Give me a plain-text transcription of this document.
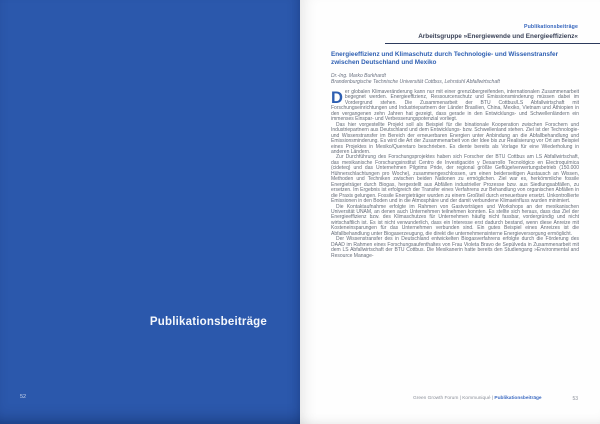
Publikationsbeiträge
52
Publikationsbeiträge
Arbeitsgruppe »Energiewende und Energieeffizienz«
Energieeffizienz und Klimaschutz durch Technologie- und Wissenstransfer zwischen Deutschland und Mexiko
Dr.-Ing. Marko Burkhardt
Brandenburgische Technische Universität Cottbus, Lehrstuhl Abfallwirtschaft

Der globalen Klimaveränderung kann nur mit einer grenzübergreifenden, internationalen Zusammenarbeit begegnet werden. Energieeffizienz, Ressourcenschutz und Emissionsminderung müssen dabei im Vordergrund stehen. Die Zusammenarbeit der BTU Cottbus/LS Abfallwirtschaft mit Forschungseinrichtungen und Industriepartnern der Länder Brasilien, China, Mexiko, Vietnam und Äthiopien in den vergangenen zehn Jahren hat gezeigt, dass gerade in den Entwicklungs- und Schwellenländern ein immenses Einspar- und Verbesserungspotenzial vorliegt.

Das hier vorgestellte Projekt soll als Beispiel für die binationale Kooperation zwischen Forschern und Industriepartnern aus Deutschland und dem Entwicklungs- bzw. Schwellenland stehen. Ziel ist der Technologie- und Wissenstransfer im Bereich der erneuerbaren Energien unter Anbindung an die Abfallbehandlung und Emissionsminderung. Es wird die Art der Zusammenarbeit von der Idee bis zur Realisierung vor Ort am Beispiel eines Projektes in Mexiko/Queretaro beschrieben. Es diente bereits als Vorlage für eine Wiederholung in anderen Ländern.

Zur Durchführung des Forschungsprojektes haben sich Forscher der BTU Cottbus am LS Abfallwirtschaft, das mexikanische Forschungsinstitut Centro de Investigación y Desarrollo Tecnológico en Electroquímica (cideteq) und das Unternehmen Pilgrims Pride, der regional größte Geflügelverwertungsbetrieb (150.000 Hühnerschlachtungen pro Woche), zusammengeschlossen, um einen beiderseitigen Austausch an Wissen, Methoden und Techniken zwischen beiden Nationen zu ermöglichen. Ziel war es, herkömmliche fossile Energieträger durch Biogas, hergestellt aus Abfällen industrieller Prozesse bzw. aus Siedlungsabfällen, zu ersetzen. Im Ergebnis ist erfolgreich der Transfer eines Verfahrens zur Behandlung von organischen Abfällen in die Praxis gelungen. Fossile Energieträger wurden zu einem Großteil durch erneuerbare ersetzt. Unkontrollierte Emissionen in den Boden und in die Atmosphäre und der damit verbundene Klimaeinfluss wurden minimiert.

Die Kontaktaufnahme erfolgte im Rahmen von Gastvorträgen und Workshops an der mexikanischen Universität UNAM, an denen auch Unternehmen teilnehmen konnten. Es stellte sich heraus, dass das Ziel der Energieeffizienz bzw. des Klimaschutzes für Unternehmen häufig nicht fassbar, vordergründig und nicht wirtschaftlich ist. Es ist nicht verwunderlich, dass ein Interesse erst dadurch bestand, wenn diese Anreize mit Kosteneinsparungen für das Unternehmen verbunden sind. Ein gutes Beispiel eines Anreizes ist die Abfallbehandlung unter Biogaserzeugung, die direkt die unternehmensinterne Energieversorgung ermöglicht.

Der Wissenstransfer des in Deutschland entwickelten Biogasverfahrens erfolgte durch die Förderung des DAAD im Rahmen eines Forschungsaufenthaltes von Frau Violeta Bravo de Sepúlveda in Zusammenarbeit mit dem LS Abfallwirtschaft der BTU Cottbus. Die Mexikanerin hatte bereits den Studiengang »Environmental and Resource Manage-

Green Growth Forum | Kommuniqué | Publikationsbeiträge	53
